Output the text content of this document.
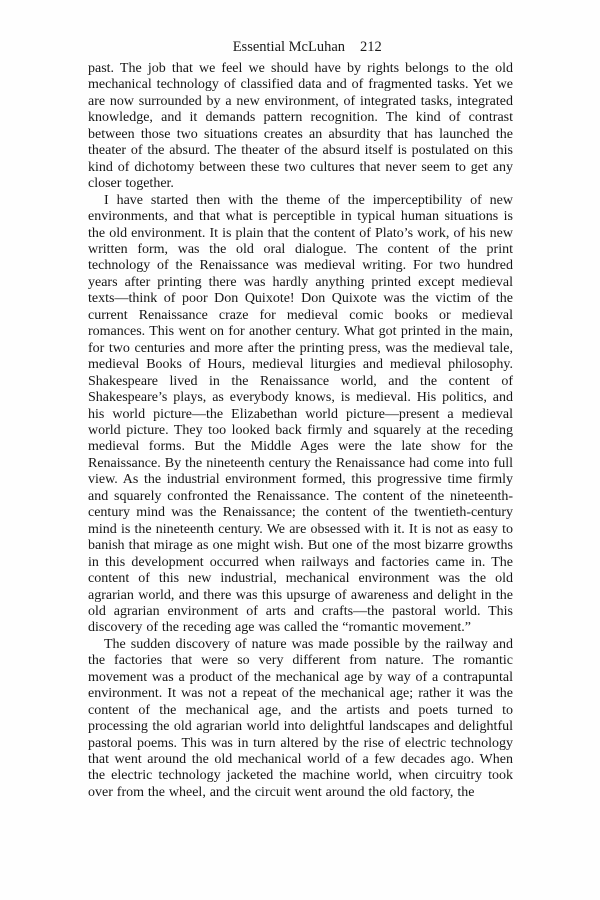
Essential McLuhan 212

past. The job that we feel we should have by rights belongs to the old mechanical technology of classified data and of fragmented tasks. Yet we are now surrounded by a new environment, of integrated tasks, integrated knowledge, and it demands pattern recognition. The kind of contrast between those two situations creates an absurdity that has launched the theater of the absurd. The theater of the absurd itself is postulated on this kind of dichotomy between these two cultures that never seem to get any closer together.

I have started then with the theme of the imperceptibility of new environments, and that what is perceptible in typical human situations is the old environment. It is plain that the content of Plato’s work, of his new written form, was the old oral dialogue. The content of the print technology of the Renaissance was medieval writing. For two hundred years after printing there was hardly anything printed except medieval texts—think of poor Don Quixote! Don Quixote was the victim of the current Renaissance craze for medieval comic books or medieval romances. This went on for another century. What got printed in the main, for two centuries and more after the printing press, was the medieval tale, medieval Books of Hours, medieval liturgies and medieval philosophy. Shakespeare lived in the Renaissance world, and the content of Shakespeare’s plays, as everybody knows, is medieval. His politics, and his world picture—the Elizabethan world picture—present a medieval world picture. They too looked back firmly and squarely at the receding medieval forms. But the Middle Ages were the late show for the Renaissance. By the nineteenth century the Renaissance had come into full view. As the industrial environment formed, this progressive time firmly and squarely confronted the Renaissance. The content of the nineteenth-century mind was the Renaissance; the content of the twentieth-century mind is the nineteenth century. We are obsessed with it. It is not as easy to banish that mirage as one might wish. But one of the most bizarre growths in this development occurred when railways and factories came in. The content of this new industrial, mechanical environment was the old agrarian world, and there was this upsurge of awareness and delight in the old agrarian environment of arts and crafts—the pastoral world. This discovery of the receding age was called the “romantic movement.”

The sudden discovery of nature was made possible by the railway and the factories that were so very different from nature. The romantic movement was a product of the mechanical age by way of a contrapuntal environment. It was not a repeat of the mechanical age; rather it was the content of the mechanical age, and the artists and poets turned to processing the old agrarian world into delightful landscapes and delightful pastoral poems. This was in turn altered by the rise of electric technology that went around the old mechanical world of a few decades ago. When the electric technology jacketed the machine world, when circuitry took over from the wheel, and the circuit went around the old factory, the
